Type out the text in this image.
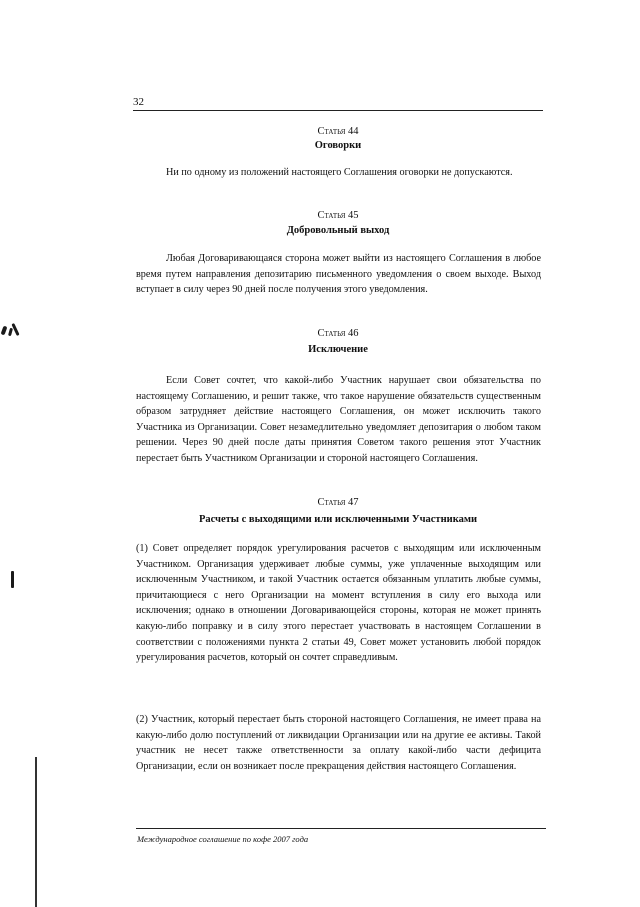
32
Статья 44
Оговорки

Ни по одному из положений настоящего Соглашения оговорки не допускаются.

Статья 45
Добровольный выход

Любая Договаривающаяся сторона может выйти из настоящего Соглашения в любое время путем направления депозитарию письменного уведомления о своем выходе. Выход вступает в силу через 90 дней после получения этого уведомления.

Статья 46
Исключение

Если Совет сочтет, что какой-либо Участник нарушает свои обязательства по настоящему Соглашению, и решит также, что такое нарушение обязательств существенным образом затрудняет действие настоящего Соглашения, он может исключить такого Участника из Организации. Совет незамедлительно уведомляет депозитария о любом таком решении. Через 90 дней после даты принятия Советом такого решения этот Участник перестает быть Участником Организации и стороной настоящего Соглашения.

Статья 47
Расчеты с выходящими или исключенными Участниками

(1) Совет определяет порядок урегулирования расчетов с выходящим или исключенным Участником. Организация удерживает любые суммы, уже уплаченные выходящим или исключенным Участником, и такой Участник остается обязанным уплатить любые суммы, причитающиеся с него Организации на момент вступления в силу его выхода или исключения; однако в отношении Договаривающейся стороны, которая не может принять какую-либо поправку и в силу этого перестает участвовать в настоящем Соглашении в соответствии с положениями пункта 2 статьи 49, Совет может установить любой порядок урегулирования расчетов, который он сочтет справедливым.

(2) Участник, который перестает быть стороной настоящего Соглашения, не имеет права на какую-либо долю поступлений от ликвидации Организации или на другие ее активы. Такой участник не несет также ответственности за оплату какой-либо части дефицита Организации, если он возникает после прекращения действия настоящего Соглашения.

Международное соглашение по кофе 2007 года
